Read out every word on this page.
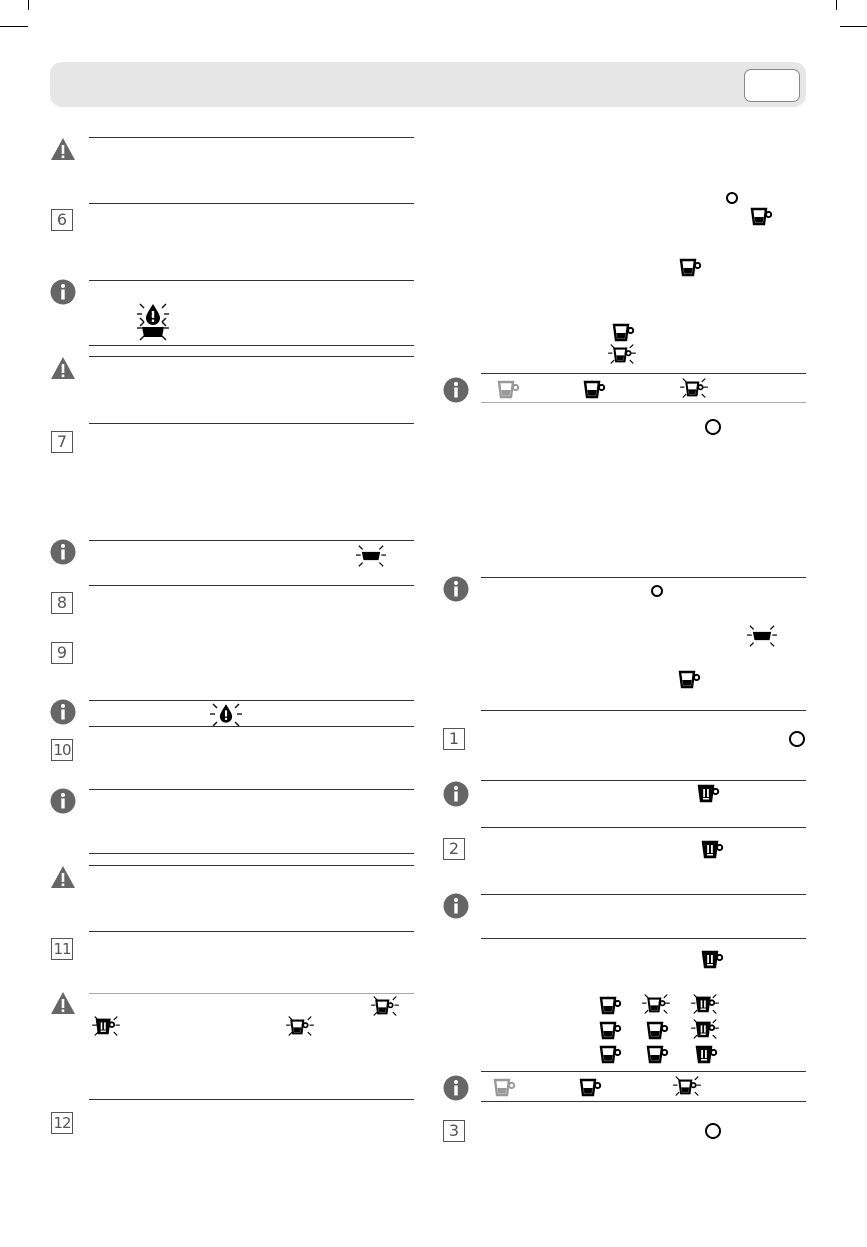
6
7
8
9
10
11
12
1
2
3
